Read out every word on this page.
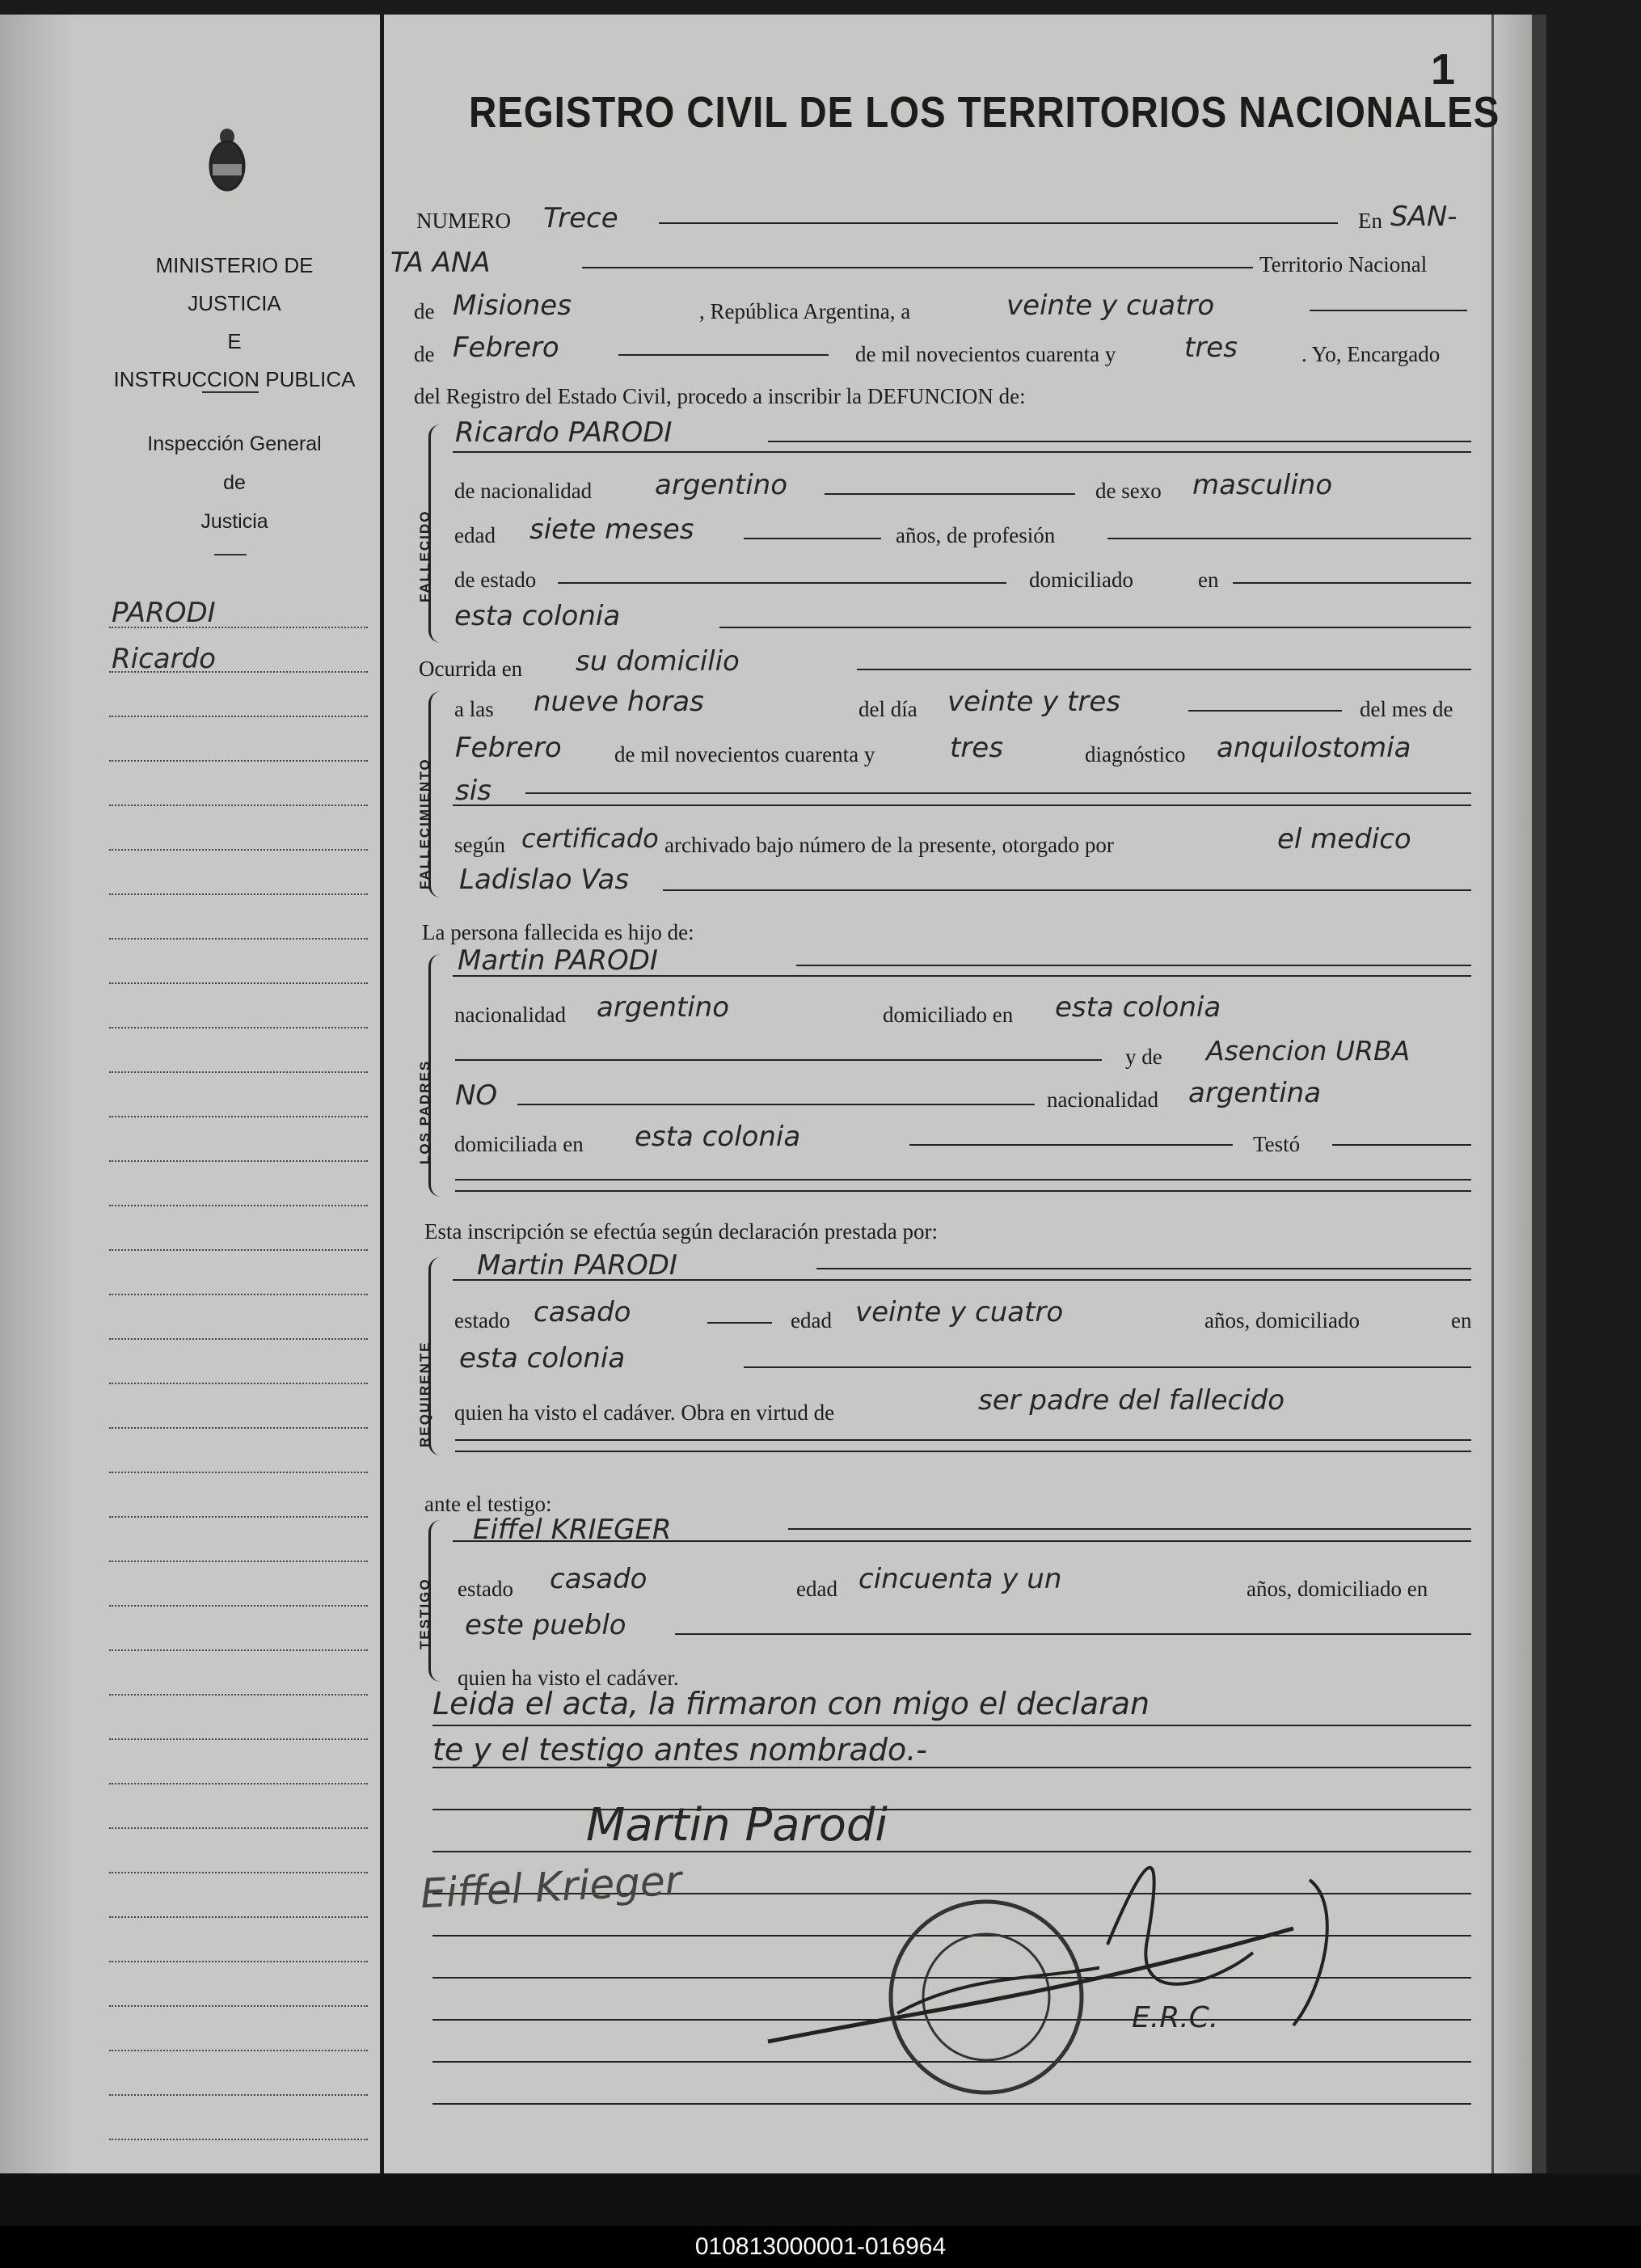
010813000001-016964
MINISTERIO DE JUSTICIA
E
INSTRUCCION PUBLICA
Inspección General
de
Justicia
PARODI
Ricardo
REGISTRO CIVIL DE LOS TERRITORIOS NACIONALES
1
NUMERO Trece	En SAN-
TA ANA	Territorio Nacional
de Misiones	, República Argentina, a	veinte y cuatro
de Febrero	de mil novecientos cuarenta y tres	. Yo, Encargado
del Registro del Estado Civil, procedo a inscribir la DEFUNCION de:
FALLECIDO
Ricardo PARODI
de nacionalidad argentino	de sexo masculino
edad siete meses	años, de profesión
de estado	domiciliado	en
esta colonia
Ocurrida en su domicilio
FALLECIMIENTO
a las nueve horas	del día veinte y tres	del mes de
Febrero de mil novecientos cuarenta y	tres	diagnóstico anquilostomia
sis
según certificado archivado bajo número de la presente, otorgado por	el medico
Ladislao Vas
La persona fallecida es hijo de:
LOS PADRES
Martin PARODI
nacionalidad argentino	domiciliado en esta colonia
y de Asencion URBA
NO	nacionalidad argentina
domiciliada en esta colonia	Testó
Esta inscripción se efectúa según declaración prestada por:
REQUIRENTE
Martin PARODI
estado casado	edad veinte y cuatro	años, domiciliado	en
esta colonia
quien ha visto el cadáver. Obra en virtud de	ser padre del fallecido
ante el testigo:
TESTIGO
Eiffel KRIEGER
estado casado	edad cincuenta y un	años, domiciliado en
este pueblo
quien ha visto el cadáver.
Leida el acta, la firmaron con migo el declaran
te y el testigo antes nombrado.-
Martin Parodi
Eiffel Krieger
E.R.C.
